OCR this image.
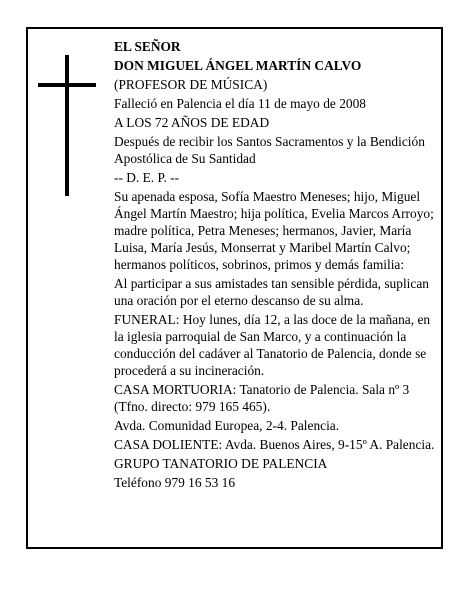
EL SEÑOR

DON MIGUEL ÁNGEL MARTÍN CALVO

(PROFESOR DE MÚSICA)

Falleció en Palencia el día 11 de mayo de 2008

A LOS 72 AÑOS DE EDAD

Después de recibir los Santos Sacramentos y la Bendición Apostólica de Su Santidad

-- D. E. P. --

Su apenada esposa, Sofía Maestro Meneses; hijo, Miguel Ángel Martín Maestro; hija política, Evelia Marcos Arroyo; madre política, Petra Meneses; hermanos, Javier, María Luisa, María Jesús, Monserrat y Maribel Martín Calvo; hermanos políticos, sobrinos, primos y demás familia:

Al participar a sus amistades tan sensible pérdida, suplican una oración por el eterno descanso de su alma.

FUNERAL: Hoy lunes, día 12, a las doce de la mañana, en la iglesia parroquial de San Marco, y a continuación la conducción del cadáver al Tanatorio de Palencia, donde se procederá a su incineración.

CASA MORTUORIA: Tanatorio de Palencia. Sala nº 3 (Tfno. directo: 979 165 465).

Avda. Comunidad Europea, 2-4. Palencia.

CASA DOLIENTE: Avda. Buenos Aires, 9-15º A. Palencia.

GRUPO TANATORIO DE PALENCIA

Teléfono 979 16 53 16
